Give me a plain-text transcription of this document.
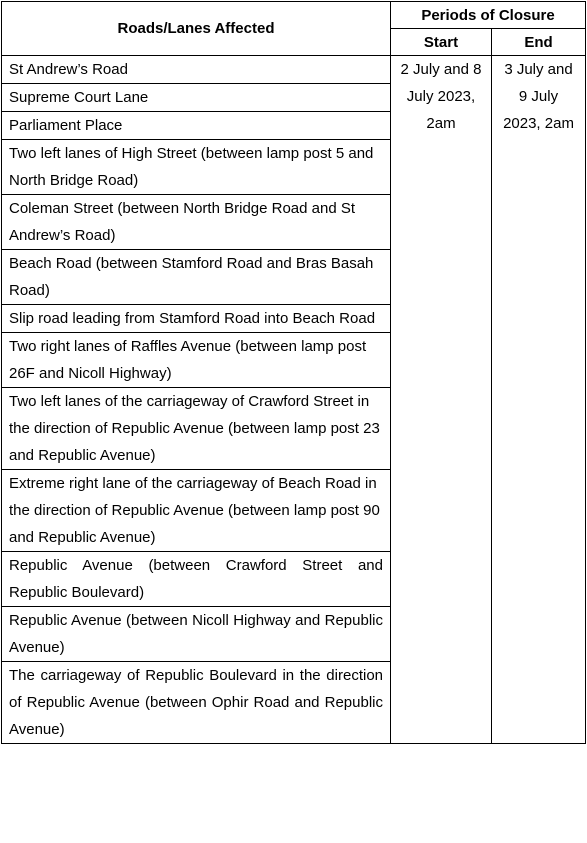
Roads/Lanes Affected	Periods of Closure	
	Start	End
St Andrew’s Road	2 July and 8 July 2023, 2am	3 July and 9 July 2023, 2am
Supreme Court Lane		
Parliament Place		
Two left lanes of High Street (between lamp post 5 and North Bridge Road)		
Coleman Street (between North Bridge Road and St Andrew’s Road)		
Beach Road (between Stamford Road and Bras Basah Road)		
Slip road leading from Stamford Road into Beach Road		
Two right lanes of Raffles Avenue (between lamp post 26F and Nicoll Highway)		
Two left lanes of the carriageway of Crawford Street in the direction of Republic Avenue (between lamp post 23 and Republic Avenue)		
Extreme right lane of the carriageway of Beach Road in the direction of Republic Avenue (between lamp post 90 and Republic Avenue)		
Republic Avenue (between Crawford Street and Republic Boulevard)		
Republic Avenue (between Nicoll Highway and Republic Avenue)		
The carriageway of Republic Boulevard in the direction of Republic Avenue (between Ophir Road and Republic Avenue)		
